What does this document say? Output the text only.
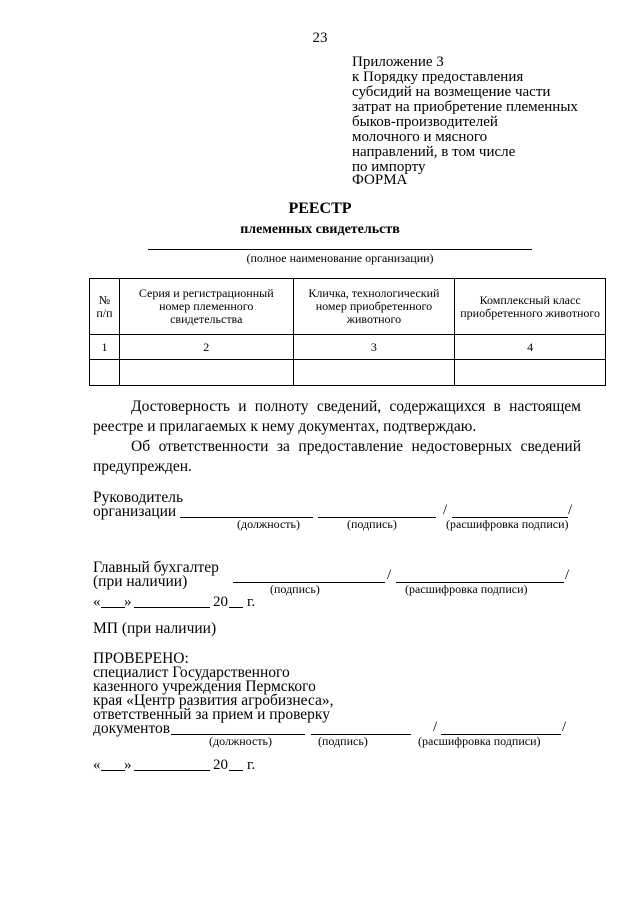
23
Приложение 3
к Порядку предоставления
субсидий на возмещение части
затрат на приобретение племенных
быков-производителей
молочного и мясного
направлений, в том числе
по импорту
ФОРМА
РЕЕСТР
племенных свидетельств
(полное наименование организации)
№ п/п	Серия и регистрационный номер племенного свидетельства	Кличка, технологический номер приобретенного животного	Комплексный класс приобретенного животного
1	2	3	4

Достоверность и полноту сведений, содержащихся в настоящем реестре и прилагаемых к нему документах, подтверждаю.

Об ответственности за предоставление недостоверных сведений предупрежден.

Руководитель
организации	/	/
(должность)	(подпись)	(расшифровка подписи)
Главный бухгалтер
(при наличии)	/	/
(подпись)	(расшифровка подписи)
« »	20 г.
МП (при наличии)
ПРОВЕРЕНО:
специалист Государственного
казенного учреждения Пермского
края «Центр развития агробизнеса»,
ответственный за прием и проверку
документов	/	/
(должность)	(подпись)	(расшифровка подписи)
« »	20 г.
